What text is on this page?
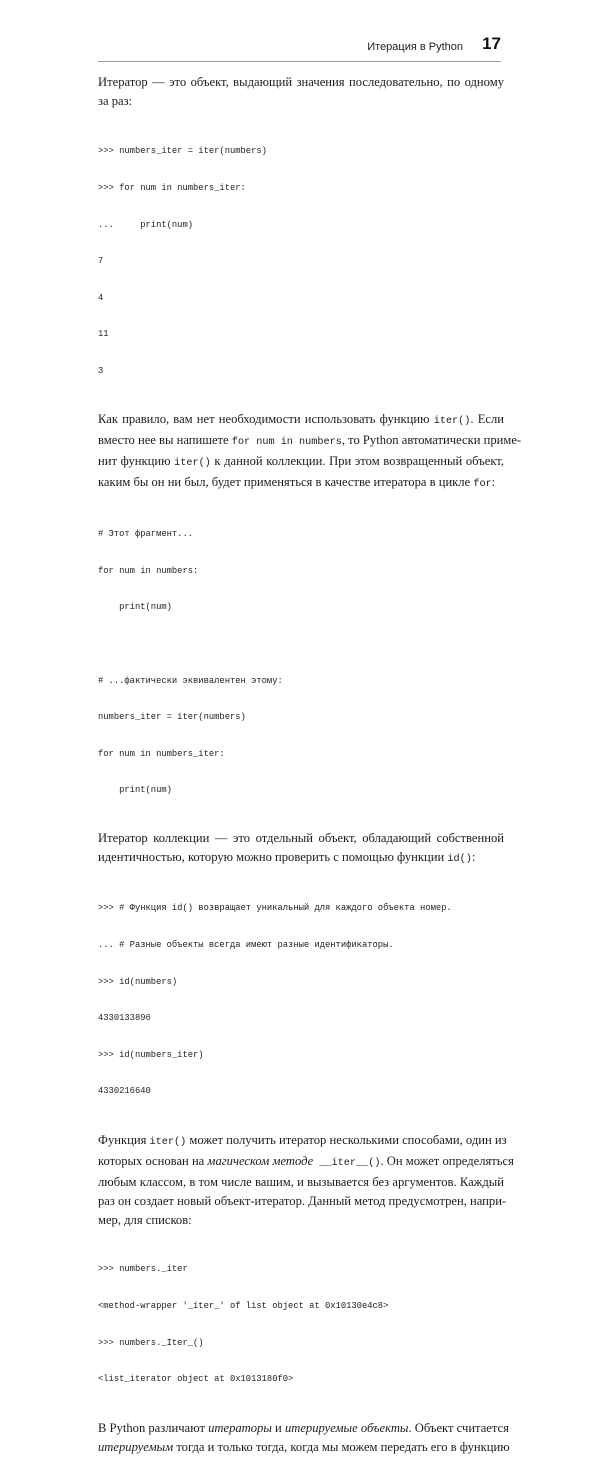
Итерация в Python 17
Итератор — это объект, выдающий значения последовательно, по одному
за раз:

>>> numbers_iter = iter(numbers)

>>> for num in numbers_iter:

...     print(num)

7

4

11

3

Как правило, вам нет необходимости использовать функцию iter(). Если
вместо нее вы напишете for num in numbers, то Python автоматически приме-
нит функцию iter() к данной коллекции. При этом возвращенный объект,
каким бы он ни был, будет применяться в качестве итератора в цикле for:

# Этот фрагмент...

for num in numbers:

print(num)

# ...фактически эквивалентен этому:

numbers_iter = iter(numbers)

for num in numbers_iter:

print(num)

Итератор коллекции — это отдельный объект, обладающий собственной
идентичностью, которую можно проверить с помощью функции id():

>>> # Функция id() возвращает уникальный для каждого объекта номер.

... # Разные объекты всегда имеют разные идентификаторы.

>>> id(numbers)

4330133896

>>> id(numbers_iter)

4330216640

Функция iter() может получить итератор несколькими способами, один из
которых основан на магическом методе __iter__(). Он может определяться
любым классом, в том числе вашим, и вызывается без аргументов. Каждый
раз он создает новый объект-итератор. Данный метод предусмотрен, напри-
мер, для списков:

>>> numbers._iter

<method-wrapper '_iter_' of list object at 0x10130e4c8>

>>> numbers._Iter_()

<list_iterator object at 0x1013180f0>

В Python различают итераторы и итерируемые объекты. Объект считается
итерируемым тогда и только тогда, когда мы можем передать его в функцию
